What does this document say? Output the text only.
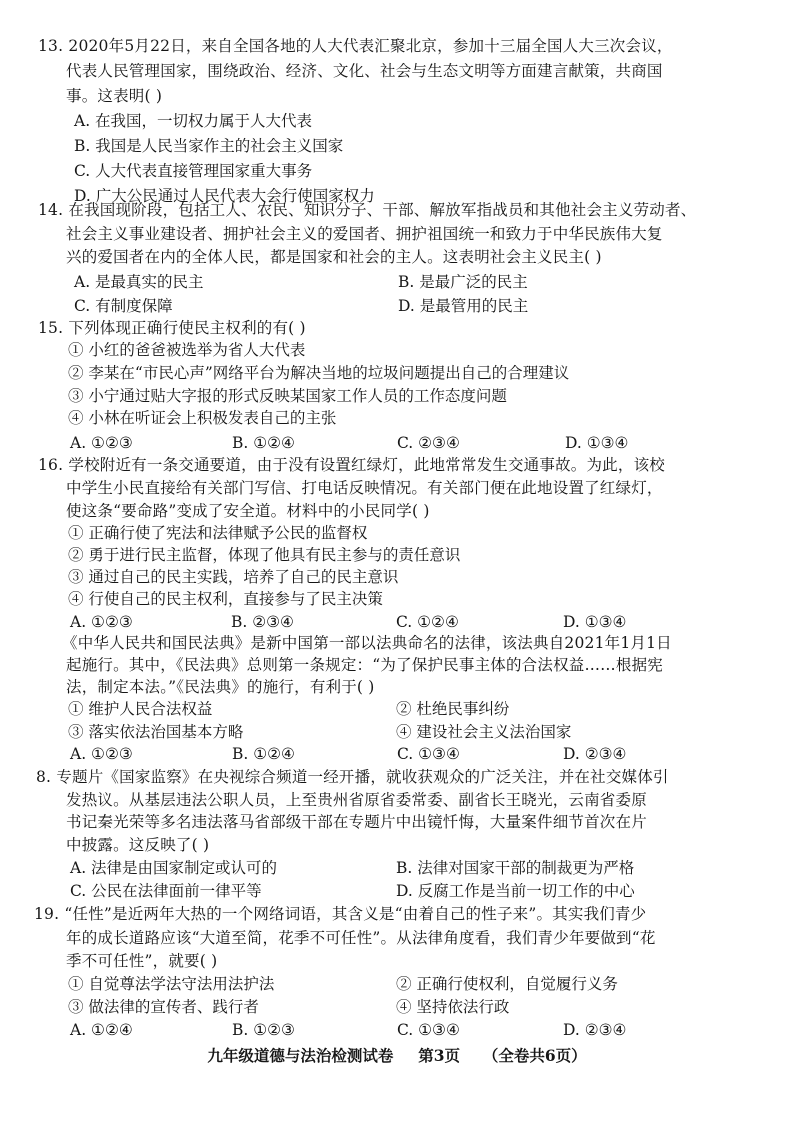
13. 2020年5月22日，来自全国各地的人大代表汇聚北京，参加十三届全国人大三次会议，
代表人民管理国家，围绕政治、经济、文化、社会与生态文明等方面建言献策，共商国
事。这表明( )
A. 在我国，一切权力属于人大代表
B. 我国是人民当家作主的社会主义国家
C. 人大代表直接管理国家重大事务
D. 广大公民通过人民代表大会行使国家权力
14. 在我国现阶段，包括工人、农民、知识分子、干部、解放军指战员和其他社会主义劳动者、
社会主义事业建设者、拥护社会主义的爱国者、拥护祖国统一和致力于中华民族伟大复
兴的爱国者在内的全体人民，都是国家和社会的主人。这表明社会主义民主( )
A. 是最真实的民主	B. 是最广泛的民主
C. 有制度保障	D. 是最管用的民主
15. 下列体现正确行使民主权利的有( )
① 小红的爸爸被选举为省人大代表
② 李某在“市民心声”网络平台为解决当地的垃圾问题提出自己的合理建议
③ 小宁通过贴大字报的形式反映某国家工作人员的工作态度问题
④ 小林在听证会上积极发表自己的主张
A. ①②③	B. ①②④	C. ②③④	D. ①③④
16. 学校附近有一条交通要道，由于没有设置红绿灯，此地常常发生交通事故。为此，该校
中学生小民直接给有关部门写信、打电话反映情况。有关部门便在此地设置了红绿灯，
使这条“要命路”变成了安全道。材料中的小民同学( )
① 正确行使了宪法和法律赋予公民的监督权
② 勇于进行民主监督，体现了他具有民主参与的责任意识
③ 通过自己的民主实践，培养了自己的民主意识
④ 行使自己的民主权利，直接参与了民主决策
A. ①②③	B. ②③④	C. ①②④	D. ①③④
《中华人民共和国民法典》是新中国第一部以法典命名的法律，该法典自2021年1月1日
起施行。其中，《民法典》总则第一条规定：“为了保护民事主体的合法权益……根据宪
法，制定本法。”《民法典》的施行，有利于( )
① 维护人民合法权益	② 杜绝民事纠纷
③ 落实依法治国基本方略	④ 建设社会主义法治国家
A. ①②③	B. ①②④	C. ①③④	D. ②③④
8. 专题片《国家监察》在央视综合频道一经开播，就收获观众的广泛关注，并在社交媒体引
发热议。从基层违法公职人员，上至贵州省原省委常委、副省长王晓光，云南省委原
书记秦光荣等多名违法落马省部级干部在专题片中出镜忏悔，大量案件细节首次在片
中披露。这反映了( )
A. 法律是由国家制定或认可的	B. 法律对国家干部的制裁更为严格
C. 公民在法律面前一律平等	D. 反腐工作是当前一切工作的中心
19. “任性”是近两年大热的一个网络词语，其含义是“由着自己的性子来”。其实我们青少
年的成长道路应该“大道至简，花季不可任性”。从法律角度看，我们青少年要做到“花
季不可任性”，就要( )
① 自觉尊法学法守法用法护法	② 正确行使权利，自觉履行义务
③ 做法律的宣传者、践行者	④ 坚持依法行政
A. ①②④	B. ①②③	C. ①③④	D. ②③④
九年级道德与法治检测试卷 第3页 （全卷共6页）
